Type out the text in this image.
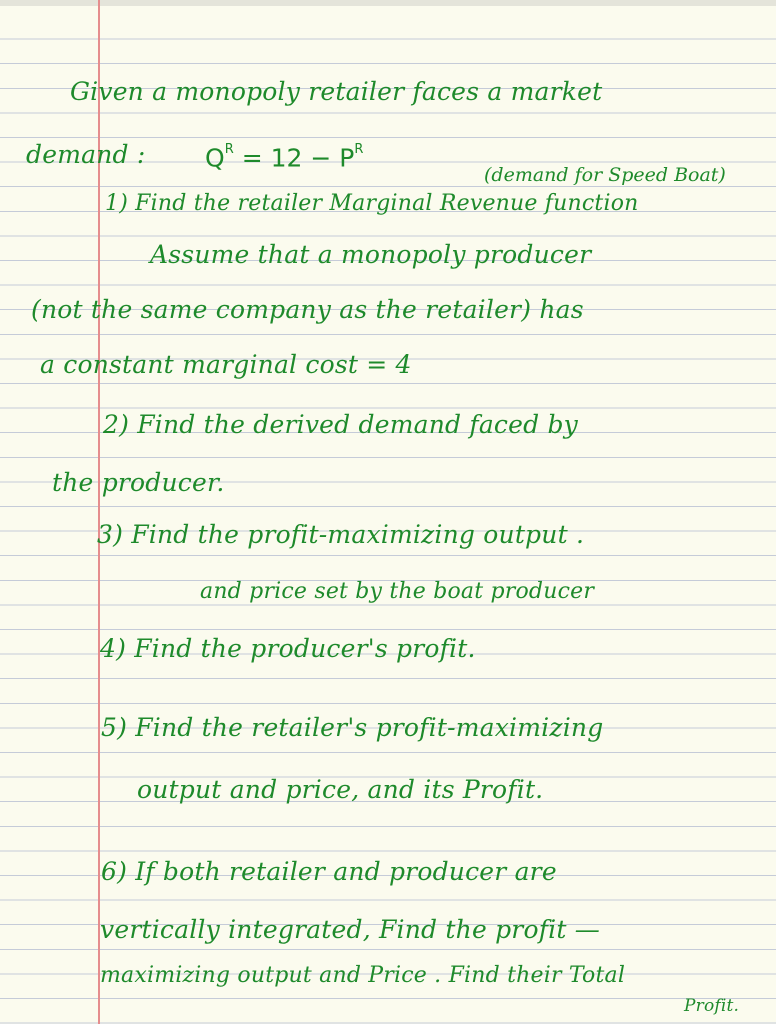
Given a monopoly retailer faces a market

demand : $Q^R = 12 - P^R$

(demand for Speed Boat)

1) Find the retailer Marginal Revenue function

Assume that a monopoly producer

(not the same company as the retailer) has

a constant marginal cost = 4

2) Find the derived demand faced by

the producer.

3) Find the profit-maximizing output .

and price set by the boat producer

4) Find the producer's profit.

5) Find the retailer's profit-maximizing

output and price, and its Profit.

6) If both retailer and producer are

vertically integrated, Find the profit —

maximizing output and Price . Find their Total

Profit.
